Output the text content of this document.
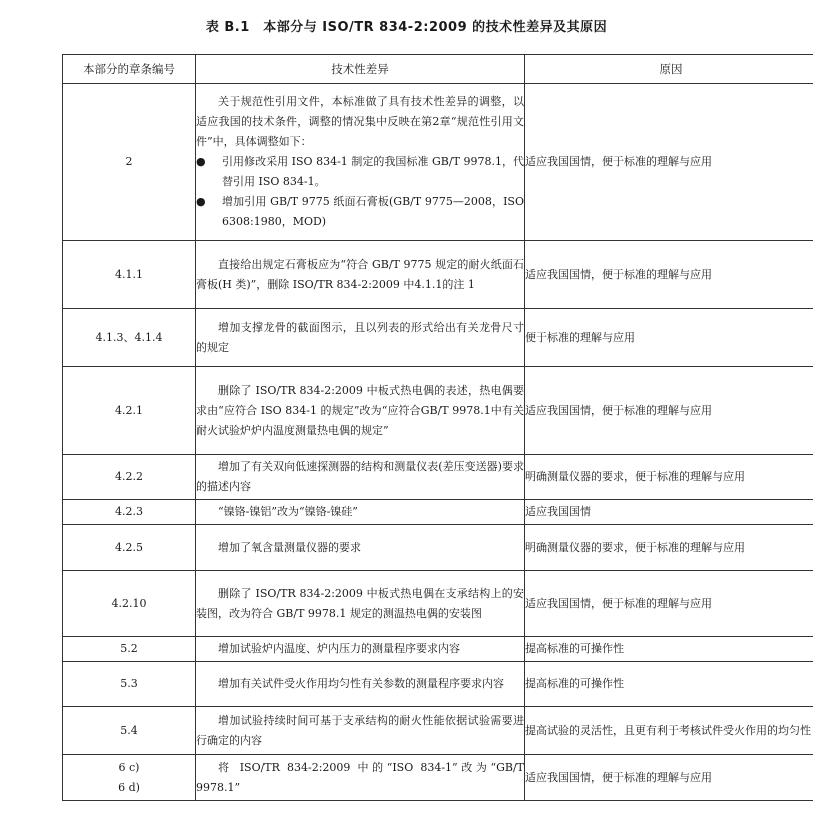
表 B.1　本部分与 ISO/TR 834-2:2009 的技术性差异及其原因
本部分的章条编号	技术性差异	原因
2	关于规范性引用文件，本标准做了具有技术性差异的调整，以适应我国的技术条件，调整的情况集中反映在第2章“规范性引用文件”中，具体调整如下：
● 引用修改采用 ISO 834-1 制定的我国标准 GB/T 9978.1，代替引用 ISO 834-1。
● 增加引用 GB/T 9775 纸面石膏板(GB/T 9775—2008，ISO 6308:1980，MOD)	适应我国国情，便于标准的理解与应用
4.1.1	直接给出规定石膏板应为“符合 GB/T 9775 规定的耐火纸面石膏板(H 类)”，删除 ISO/TR 834-2:2009 中4.1.1的注 1	适应我国国情，便于标准的理解与应用
4.1.3、4.1.4	增加支撑龙骨的截面图示，且以列表的形式给出有关龙骨尺寸的规定	便于标准的理解与应用
4.2.1	删除了 ISO/TR 834-2:2009 中板式热电偶的表述，热电偶要求由“应符合 ISO 834-1 的规定”改为“应符合GB/T 9978.1中有关耐火试验炉炉内温度测量热电偶的规定”	适应我国国情，便于标准的理解与应用
4.2.2	增加了有关双向低速探测器的结构和测量仪表(差压变送器)要求的描述内容	明确测量仪器的要求，便于标准的理解与应用
4.2.3	“镍铬-镍铝”改为“镍铬-镍硅”	适应我国国情
4.2.5	增加了氧含量测量仪器的要求	明确测量仪器的要求，便于标准的理解与应用
4.2.10	删除了 ISO/TR 834-2:2009 中板式热电偶在支承结构上的安装图，改为符合 GB/T 9978.1 规定的测温热电偶的安装图	适应我国国情，便于标准的理解与应用
5.2	增加试验炉内温度、炉内压力的测量程序要求内容	提高标准的可操作性
5.3	增加有关试件受火作用均匀性有关参数的测量程序要求内容	提高标准的可操作性
5.4	增加试验持续时间可基于支承结构的耐火性能依据试验需要进行确定的内容	提高试验的灵活性，且更有利于考核试件受火作用的均匀性

6 c)
6 d)	将 ISO/TR 834-2:2009 中的“ISO 834-1”改为“GB/T 9978.1”	适应我国国情，便于标准的理解与应用
